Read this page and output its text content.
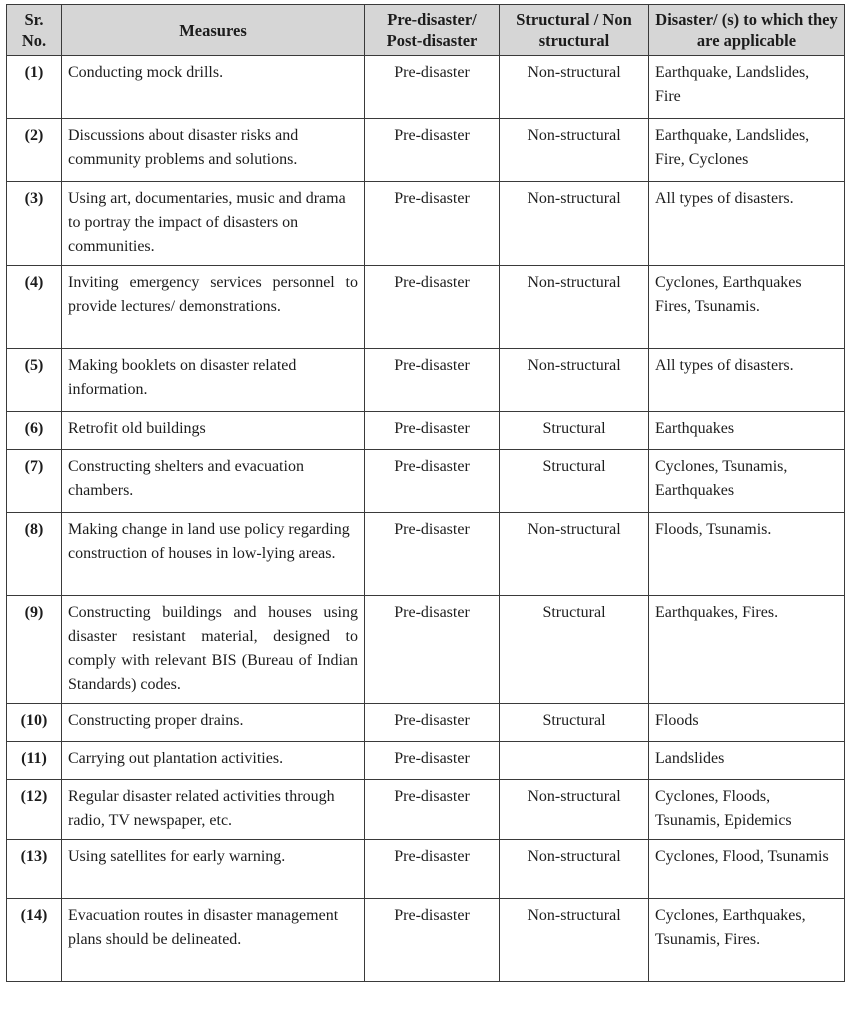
Sr. No.	Measures	Pre-disaster/ Post-disaster	Structural / Non structural	Disaster/ (s) to which they are applicable
(1)	Conducting mock drills.	Pre-disaster	Non-structural	Earthquake, Landslides, Fire
(2)	Discussions about disaster risks and community problems and solutions.	Pre-disaster	Non-structural	Earthquake, Landslides, Fire, Cyclones
(3)	Using art, documentaries, music and drama to portray the impact of disasters on communities.	Pre-disaster	Non-structural	All types of disasters.
(4)	Inviting emergency services personnel to provide lectures/ demonstrations.	Pre-disaster	Non-structural	Cyclones, Earthquakes Fires, Tsunamis.
(5)	Making booklets on disaster related information.	Pre-disaster	Non-structural	All types of disasters.
(6)	Retrofit old buildings	Pre-disaster	Structural	Earthquakes
(7)	Constructing shelters and evacuation chambers.	Pre-disaster	Structural	Cyclones, Tsunamis, Earthquakes
(8)	Making change in land use policy regarding construction of houses in low-lying areas.	Pre-disaster	Non-structural	Floods, Tsunamis.
(9)	Constructing buildings and houses using disaster resistant material, designed to comply with relevant BIS (Bureau of Indian Standards) codes.	Pre-disaster	Structural	Earthquakes, Fires.
(10)	Constructing proper drains.	Pre-disaster	Structural	Floods
(11)	Carrying out plantation activities.	Pre-disaster		Landslides
(12)	Regular disaster related activities through radio, TV newspaper, etc.	Pre-disaster	Non-structural	Cyclones, Floods, Tsunamis, Epidemics
(13)	Using satellites for early warning.	Pre-disaster	Non-structural	Cyclones, Flood, Tsunamis
(14)	Evacuation routes in disaster management plans should be delineated.	Pre-disaster	Non-structural	Cyclones, Earthquakes, Tsunamis, Fires.
